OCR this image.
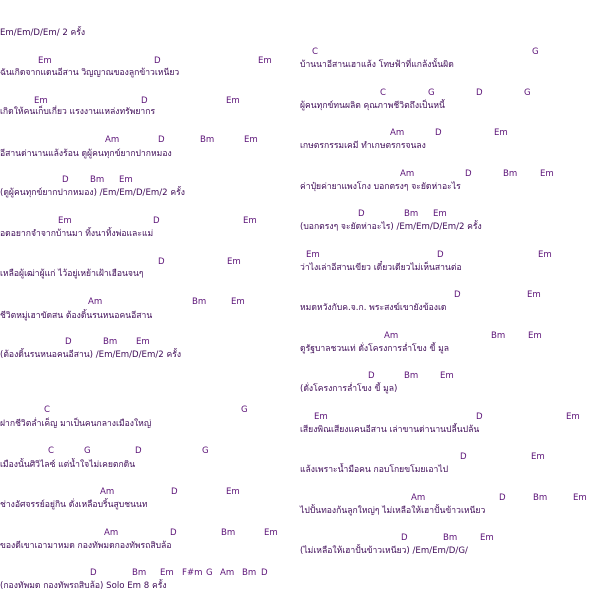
Em/Em/D/Em/ 2 ครั้ง
Em	D	Em
ฉันเกิดจากแดนอีสาน วิญญาณของลูกข้าวเหนียว
Em	D	Em
เกิดให้คนเก็บเกี่ยว แรงงานแหล่งทรัพยากร
Am	D	Bm	Em
อีสานด่านานแล้งร้อน ดูผู้คนทุกข์ยากปากหมอง
D Bm Em
(ดูผู้คนทุกข์ยากปากหมอง) /Em/Em/D/Em/2 ครั้ง
Em	D	Em
อดอยากจำจากบ้านมา ทิ้งนาทิ้งพ่อและแม่
D	Em
เหลือผู้เฒ่าผู้แก่ ไว้อยู่เหย้าเฝ้าเฮือนจนๆ
Am	Bm	Em
ชีวิตหมู่เฮาขัดสน ต้องดิ้นรนหนอคนอีสาน
D	Bm Em
(ต้องดิ้นรนหนอคนอีสาน) /Em/Em/D/Em/2 ครั้ง
C	G
ฝากชีวิตล่ำเค็ญ มาเป็นคนกลางเมืองใหญ่
C	G	D	G
เมืองนั้นศิวิไลซ์ แต่น้ำใจไม่เคยตกดิน
Am	D	Em
ช่างอัศจรรย์อยู่กิน ดั่งเหลือบริ้นสูบชนนท
Am	D	Bm	Em
ของดีเขาเอามาหมด กองทัพมดกองทัพรถสิบล้อ
D	Bm Em F#m G Am Bm D
(กองทัพมด กองทัพรถสิบล้อ) Solo Em 8 ครั้ง
C	G
บ้านนาอีสานเฮาแล้ง โทษฟ้าที่แกล้งนั้นผิด
C	G	D	G
ผู้คนทุกข์ทนผลิต คุณภาพชีวิตถึงเป็นหนี้
Am	D	Em
เกษตรกรรมเคมี ทำเกษตรกรจนลง
Am	D	Bm	Em
ค่าปุ๋ยค่ายาแพงโกง บอกตรงๆ จะยัดห่าอะไร
D	Bm Em
(บอกตรงๆ จะยัดห่าอะไร) /Em/Em/D/Em/2 ครั้ง
Em	D	Em
ว่าไงเล่าอีสานเขียว เดี๋ยวเดียวไม่เห็นสานต่อ
D	Em
หมดหวังกับค.จ.ก. พระสงฆ์เขายังข้องเด
Am	Bm	Em
ดูรัฐบาลชวนเท่ ดั่งโครงการล่ำโขง ขี้ มูล
D	Bm	Em
(ดั่งโครงการล่ำโขง ขี้ มูล)
Em	D	Em
เสียงพิณเสียงแคนอีสาน เล่าขานด่านานปลี้นปล้น
D	Em
แล้งเพราะน้ำมือคน กอบโกยขโมยเอาไป
Am	D	Bm	Em
ไปปั้นทองก้นลูกใหญ่ๆ ไม่เหลือให้เฮาปั้นข้าวเหนียว
D	Bm	Em
(ไม่เหลือให้เฮาปั้นข้าวเหนียว) /Em/Em/D/G/
